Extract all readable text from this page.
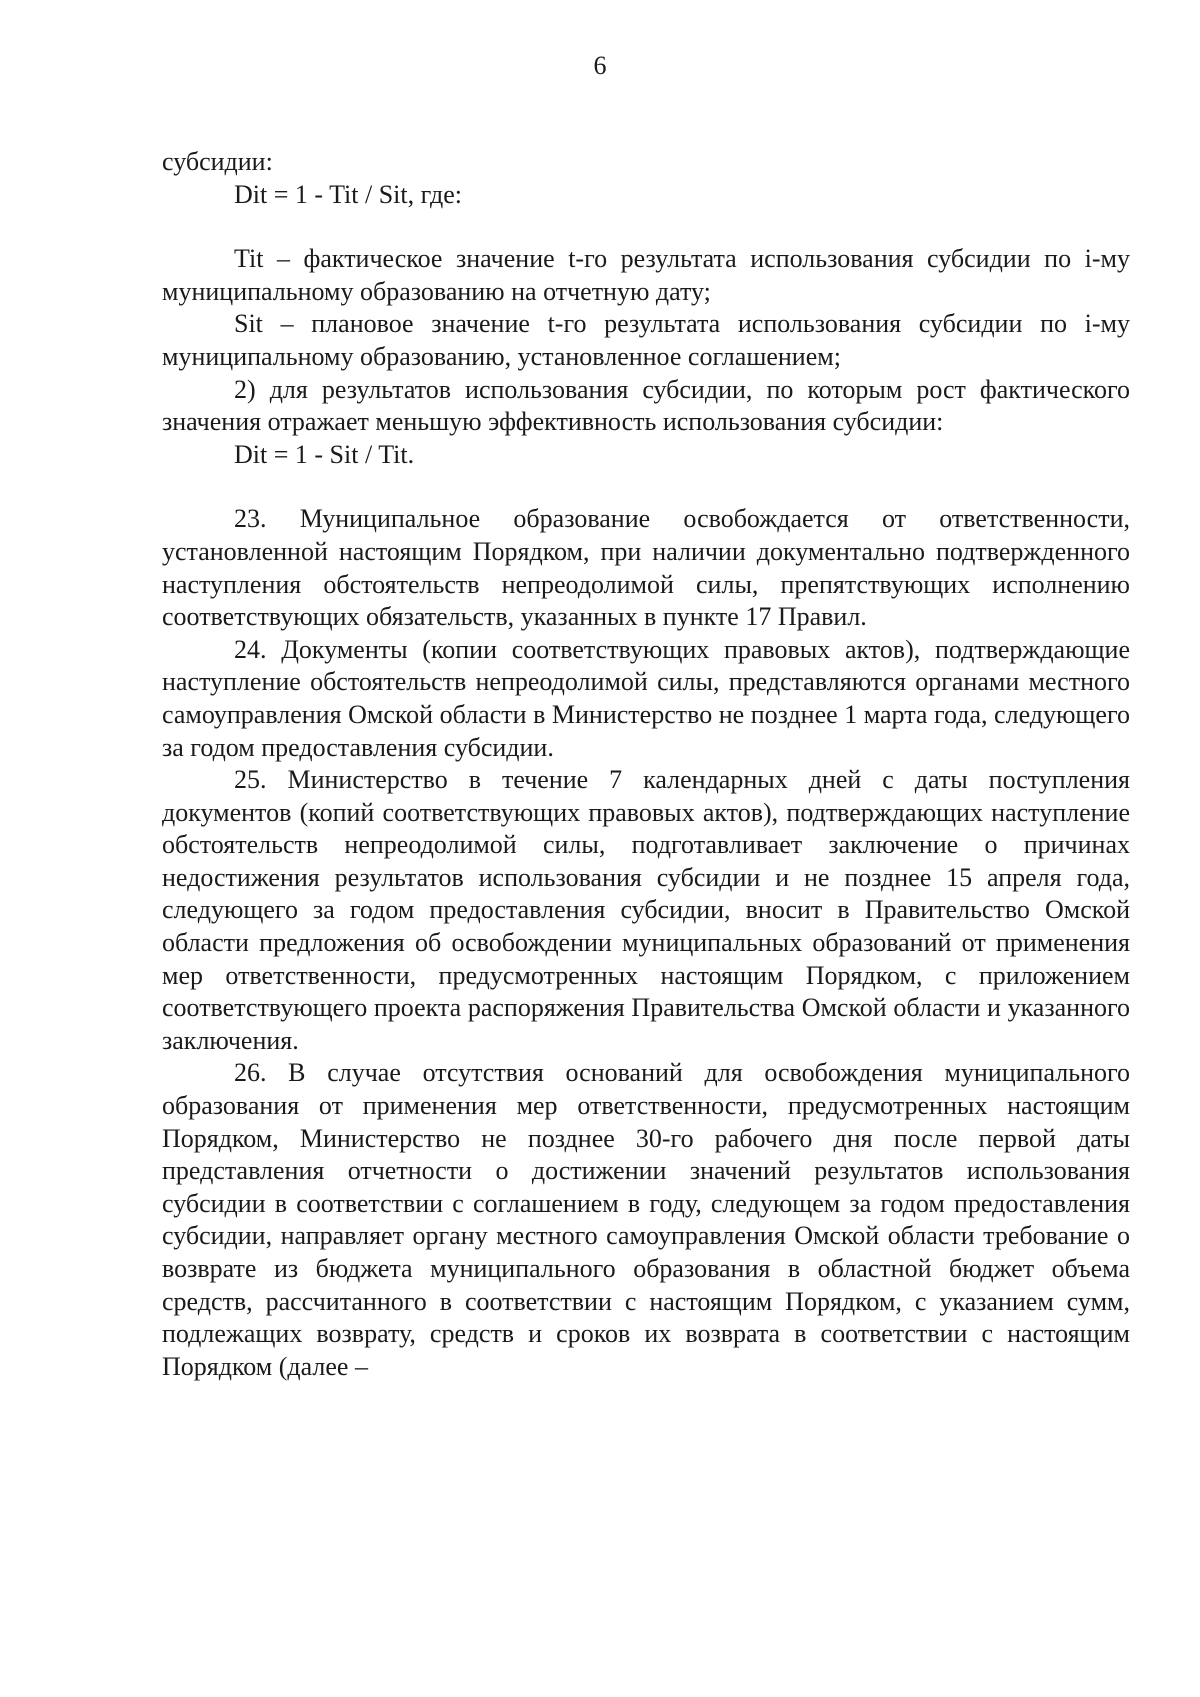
6

субсидии:

Dit = 1 - Tit / Sit, где:

Tit – фактическое значение t-го результата использования субсидии по i-му муниципальному образованию на отчетную дату;

Sit – плановое значение t-го результата использования субсидии по i-му муниципальному образованию, установленное соглашением;

2) для результатов использования субсидии, по которым рост фактического значения отражает меньшую эффективность использования субсидии:

Dit = 1 - Sit / Tit.

23. Муниципальное образование освобождается от ответственности, установленной настоящим Порядком, при наличии документально подтвержденного наступления обстоятельств непреодолимой силы, препятствующих исполнению соответствующих обязательств, указанных в пункте 17 Правил.

24. Документы (копии соответствующих правовых актов), подтверждающие наступление обстоятельств непреодолимой силы, представляются органами местного самоуправления Омской области в Министерство не позднее 1 марта года, следующего за годом предоставления субсидии.

25. Министерство в течение 7 календарных дней с даты поступления документов (копий соответствующих правовых актов), подтверждающих наступление обстоятельств непреодолимой силы, подготавливает заключение о причинах недостижения результатов использования субсидии и не позднее 15 апреля года, следующего за годом предоставления субсидии, вносит в Правительство Омской области предложения об освобождении муниципальных образований от применения мер ответственности, предусмотренных настоящим Порядком, с приложением соответствующего проекта распоряжения Правительства Омской области и указанного заключения.

26. В случае отсутствия оснований для освобождения муниципального образования от применения мер ответственности, предусмотренных настоящим Порядком, Министерство не позднее 30-го рабочего дня после первой даты представления отчетности о достижении значений результатов использования субсидии в соответствии с соглашением в году, следующем за годом предоставления субсидии, направляет органу местного самоуправления Омской области требование о возврате из бюджета муниципального образования в областной бюджет объема средств, рассчитанного в соответствии с настоящим Порядком, с указанием сумм, подлежащих возврату, средств и сроков их возврата в соответствии с настоящим Порядком (далее –
